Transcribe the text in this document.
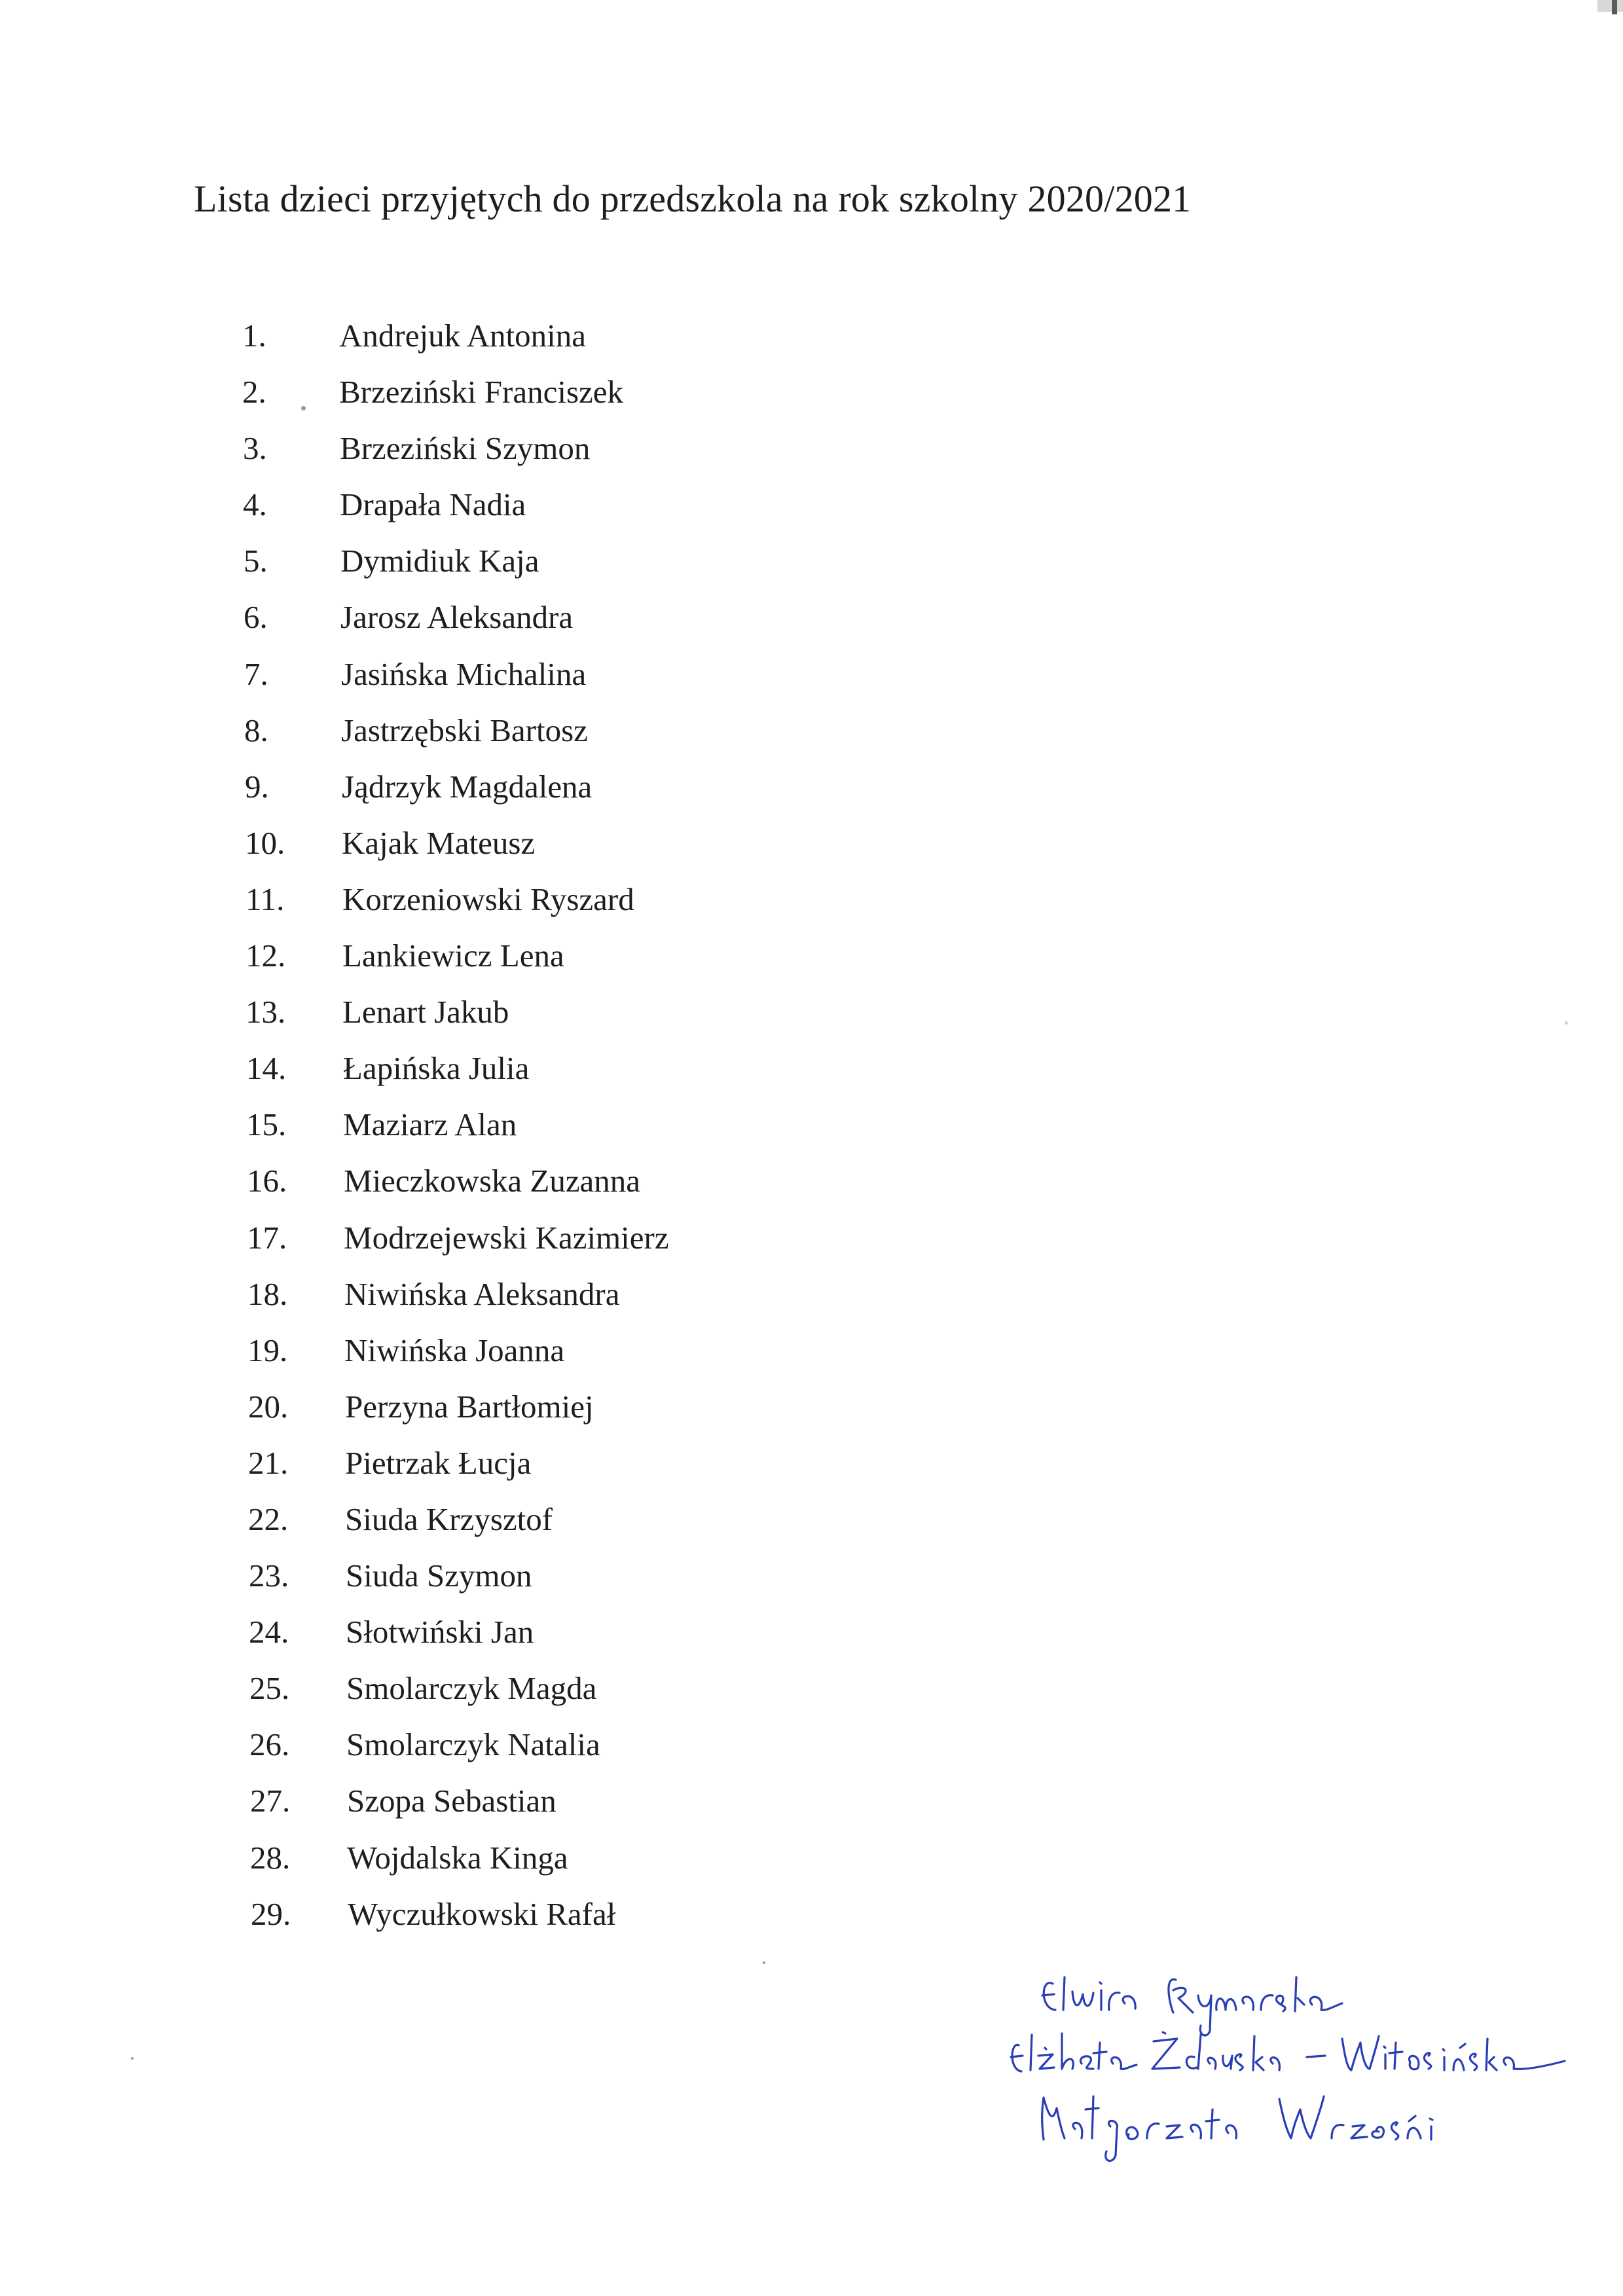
Lista dzieci przyjętych do przedszkola na rok szkolny 2020/2021
1. Andrejuk Antonina
2. Brzeziński Franciszek
3. Brzeziński Szymon
4. Drapała Nadia
5. Dymidiuk Kaja
6. Jarosz Aleksandra
7. Jasińska Michalina
8. Jastrzębski Bartosz
9. Jądrzyk Magdalena
10. Kajak Mateusz
11. Korzeniowski Ryszard
12. Lankiewicz Lena
13. Lenart Jakub
14. Łapińska Julia
15. Maziarz Alan
16. Mieczkowska Zuzanna
17. Modrzejewski Kazimierz
18. Niwińska Aleksandra
19. Niwińska Joanna
20. Perzyna Bartłomiej
21. Pietrzak Łucja
22. Siuda Krzysztof
23. Siuda Szymon
24. Słotwiński Jan
25. Smolarczyk Magda
26. Smolarczyk Natalia
27. Szopa Sebastian
28. Wojdalska Kinga
29. Wyczułkowski Rafał
